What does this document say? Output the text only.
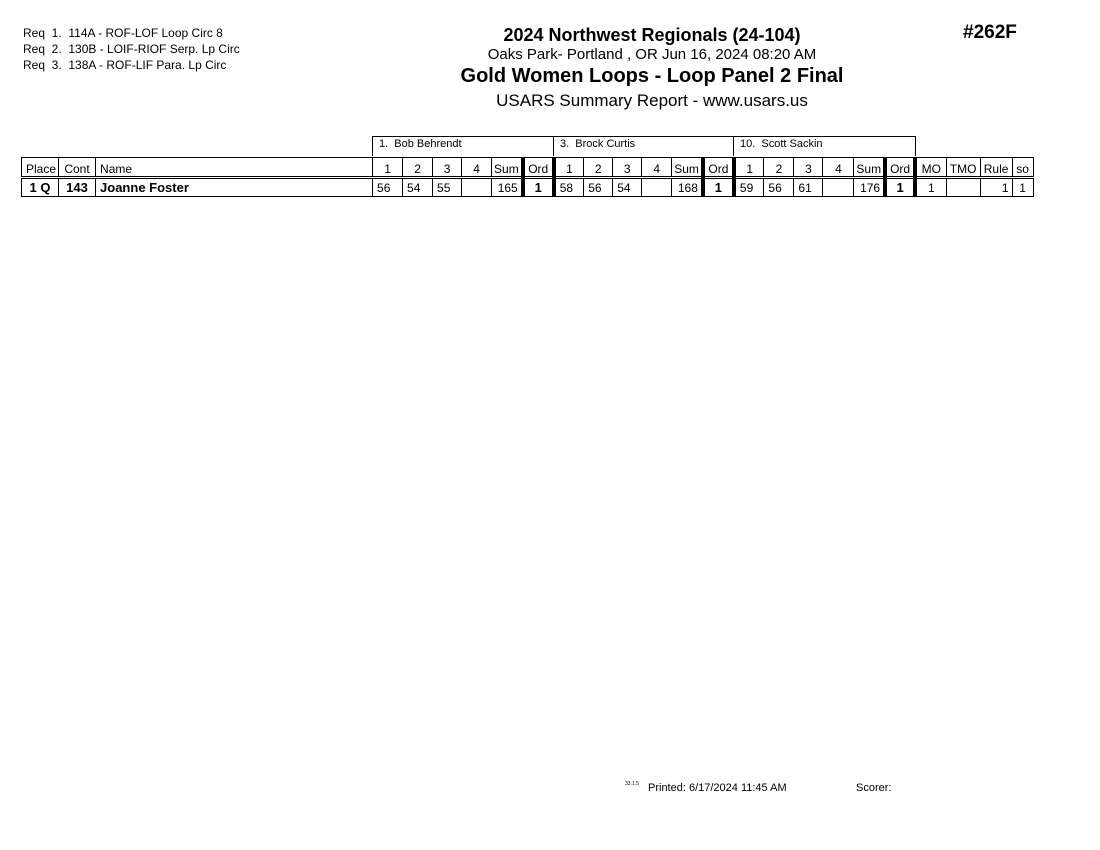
Req  1.  114A - ROF-LOF Loop Circ 8
Req  2.  130B - LOIF-RIOF Serp. Lp Circ
Req  3.  138A - ROF-LIF Para. Lp Circ
2024 Northwest Regionals (24-104)
Oaks Park- Portland , OR Jun 16, 2024 08:20 AM
Gold Women Loops - Loop Panel 2 Final
USARS Summary Report - www.usars.us
#262F
1.  Bob Behrendt	3.  Brock Curtis	10.  Scott Sackin
Place	Cont	Name	1	2	3	4	Sum	Ord	1	2	3	4	Sum	Ord	1	2	3	4	Sum	Ord	MO	TMO	Rule	so
1 Q	143	Joanne Foster	56	54	55		165	1	58	56	54		168	1	59	56	61		176	1	1		1	1
33.1.5 Printed: 6/17/2024 11:45 AM	Scorer:
